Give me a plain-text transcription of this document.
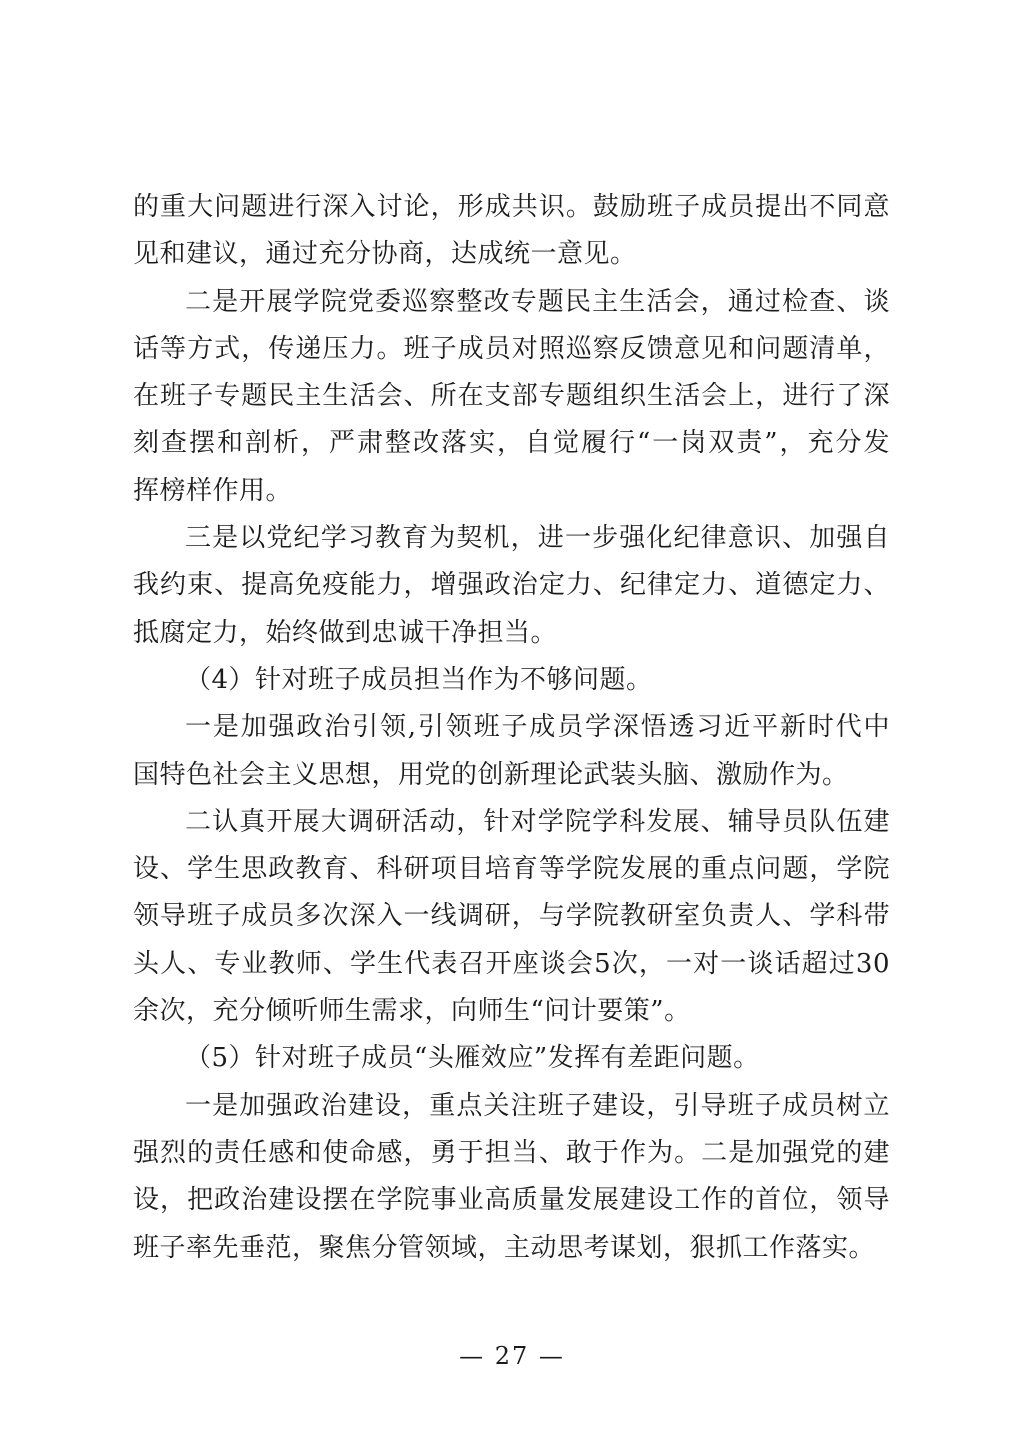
的重大问题进行深入讨论，形成共识。鼓励班子成员提出不同意
见和建议，通过充分协商，达成统一意见。
二是开展学院党委巡察整改专题民主生活会，通过检查、谈
话等方式，传递压力。班子成员对照巡察反馈意见和问题清单，
在班子专题民主生活会、所在支部专题组织生活会上，进行了深
刻查摆和剖析，严肃整改落实，自觉履行“一岗双责”，充分发
挥榜样作用。
三是以党纪学习教育为契机，进一步强化纪律意识、加强自
我约束、提高免疫能力，增强政治定力、纪律定力、道德定力、
抵腐定力，始终做到忠诚干净担当。
（4）针对班子成员担当作为不够问题。
一是加强政治引领,引领班子成员学深悟透习近平新时代中
国特色社会主义思想，用党的创新理论武装头脑、激励作为。
二认真开展大调研活动，针对学院学科发展、辅导员队伍建
设、学生思政教育、科研项目培育等学院发展的重点问题，学院
领导班子成员多次深入一线调研，与学院教研室负责人、学科带
头人、专业教师、学生代表召开座谈会5次，一对一谈话超过30
余次，充分倾听师生需求，向师生“问计要策”。
（5）针对班子成员“头雁效应”发挥有差距问题。
一是加强政治建设，重点关注班子建设，引导班子成员树立
强烈的责任感和使命感，勇于担当、敢于作为。二是加强党的建
设，把政治建设摆在学院事业高质量发展建设工作的首位，领导
班子率先垂范，聚焦分管领域，主动思考谋划，狠抓工作落实。
— 27 —
